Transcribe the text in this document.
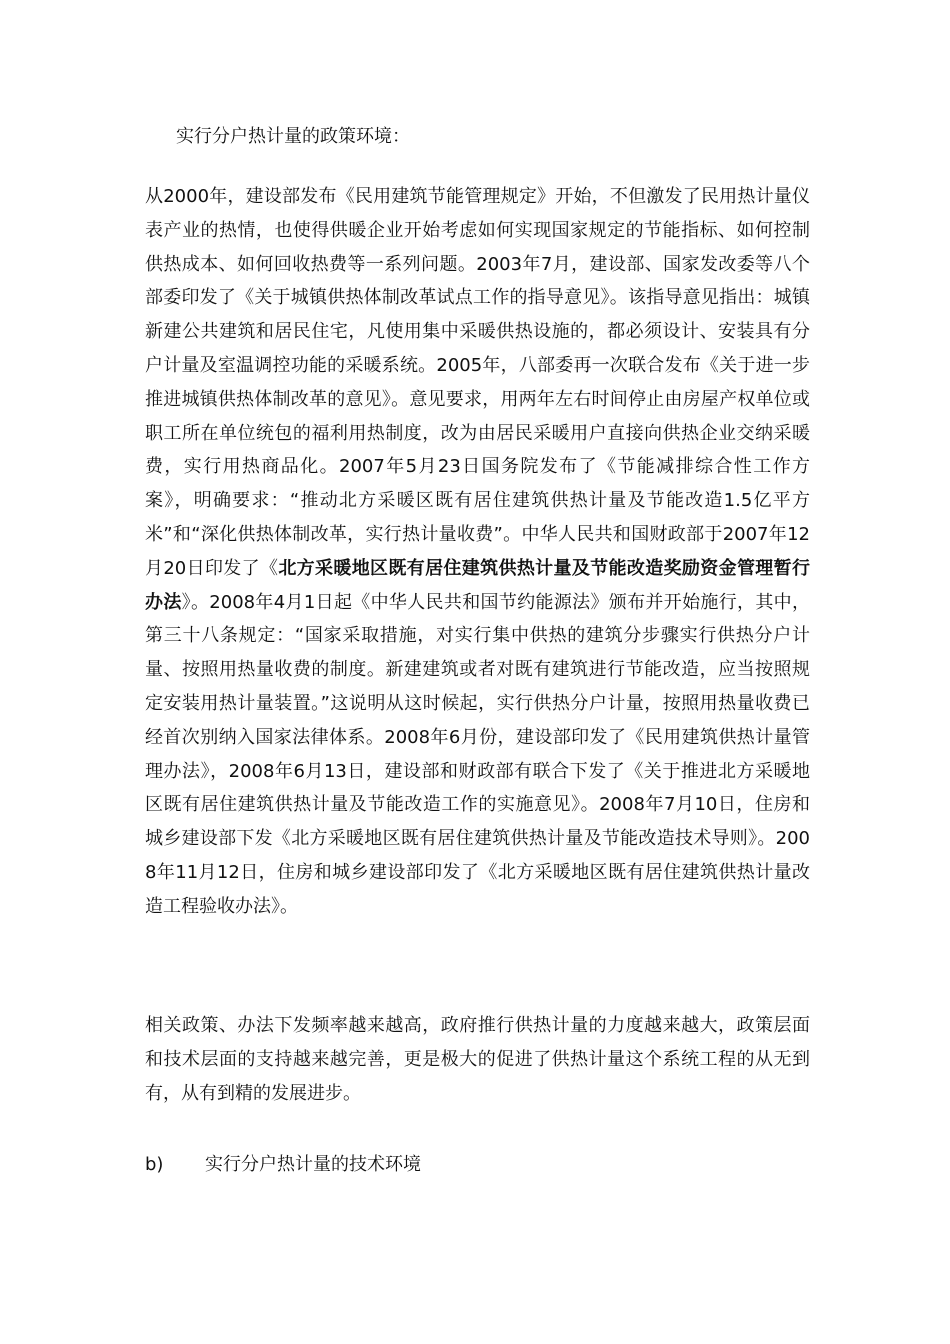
实行分户热计量的政策环境：

从2000年，建设部发布《民用建筑节能管理规定》开始，不但激发了民用热计量仪表产业的热情，也使得供暖企业开始考虑如何实现国家规定的节能指标、如何控制供热成本、如何回收热费等一系列问题。2003年7月，建设部、国家发改委等八个部委印发了《关于城镇供热体制改革试点工作的指导意见》。该指导意见指出：城镇新建公共建筑和居民住宅，凡使用集中采暖供热设施的，都必须设计、安装具有分户计量及室温调控功能的采暖系统。2005年，八部委再一次联合发布《关于进一步推进城镇供热体制改革的意见》。意见要求，用两年左右时间停止由房屋产权单位或职工所在单位统包的福利用热制度，改为由居民采暖用户直接向供热企业交纳采暖费，实行用热商品化。2007年5月23日国务院发布了《节能减排综合性工作方案》，明确要求：“推动北方采暖区既有居住建筑供热计量及节能改造1.5亿平方米”和“深化供热体制改革，实行热计量收费”。中华人民共和国财政部于2007年12月20日印发了《北方采暖地区既有居住建筑供热计量及节能改造奖励资金管理暂行办法》。2008年4月1日起《中华人民共和国节约能源法》颁布并开始施行，其中，第三十八条规定：“国家采取措施，对实行集中供热的建筑分步骤实行供热分户计量、按照用热量收费的制度。新建建筑或者对既有建筑进行节能改造，应当按照规定安装用热计量装置。”这说明从这时候起，实行供热分户计量，按照用热量收费已经首次别纳入国家法律体系。2008年6月份，建设部印发了《民用建筑供热计量管理办法》，2008年6月13日，建设部和财政部有联合下发了《关于推进北方采暖地区既有居住建筑供热计量及节能改造工作的实施意见》。2008年7月10日，住房和城乡建设部下发《北方采暖地区既有居住建筑供热计量及节能改造技术导则》。2008年11月12日，住房和城乡建设部印发了《北方采暖地区既有居住建筑供热计量改造工程验收办法》。

相关政策、办法下发频率越来越高，政府推行供热计量的力度越来越大，政策层面和技术层面的支持越来越完善，更是极大的促进了供热计量这个系统工程的从无到有，从有到精的发展进步。

b) 实行分户热计量的技术环境
